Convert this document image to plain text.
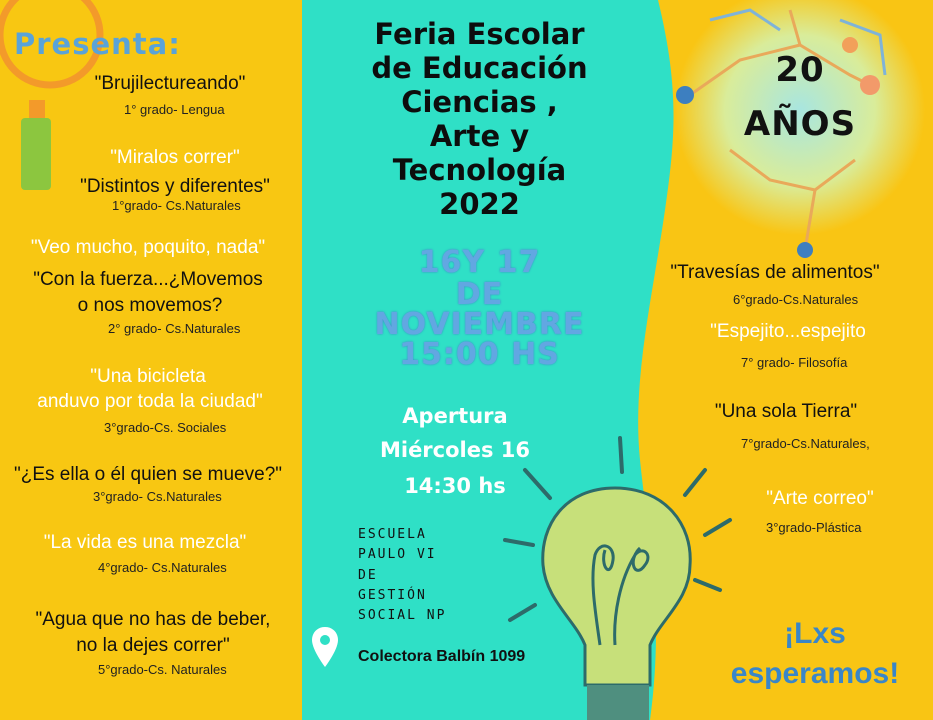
Presenta:	Feria Escolar
de Educación
Ciencias ,
Arte y
Tecnología
2022
20
AÑOS
16Y 17
DE
NOVIEMBRE
15:00 HS
Apertura
Miércoles 16
14:30 hs
ESCUELA
PAULO VI
DE
GESTIÓN
SOCIAL NP
Colectora Balbín 1099
"Brujilectureando"
1° grado- Lengua
"Miralos correr"
"Distintos y diferentes"
1°grado- Cs.Naturales
"Veo mucho, poquito, nada"
"Con la fuerza...¿Movemos
o nos movemos?
2° grado- Cs.Naturales
"Una bicicleta
anduvo por toda la ciudad"
3°grado-Cs. Sociales
"¿Es ella o él quien se mueve?"
3°grado- Cs.Naturales
"La vida es una mezcla"
4°grado- Cs.Naturales
"Agua que no has de beber,
no la dejes correr"
5°grado-Cs. Naturales
"Travesías de alimentos"
6°grado-Cs.Naturales
"Espejito...espejito
7° grado- Filosofía
"Una sola Tierra"
7°grado-Cs.Naturales,
"Arte correo"
3°grado-Plástica
¡Lxs
esperamos!
